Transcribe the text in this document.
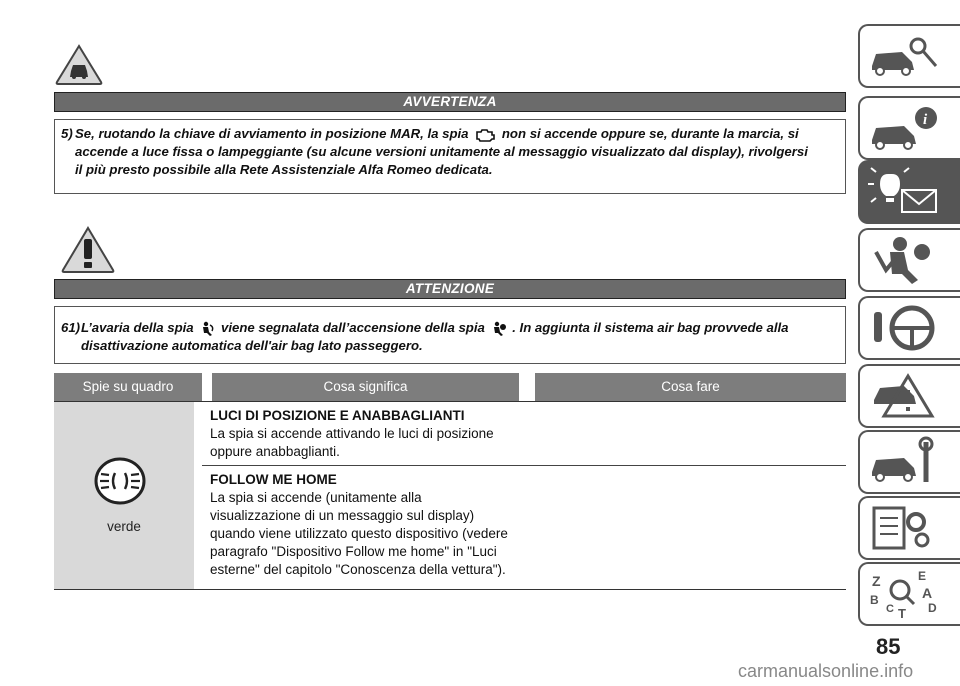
AVVERTENZA
5) Se, ruotando la chiave di avviamento in posizione MAR, la spia	non si accende oppure se, durante la marcia, si
accende a luce fissa o lampeggiante (su alcune versioni unitamente al messaggio visualizzato dal display), rivolgersi
il più presto possibile alla Rete Assistenziale Alfa Romeo dedicata.
ATTENZIONE
61) L’avaria della spia viene segnalata dall’accensione della spia . In aggiunta il sistema air bag provvede alla
disattivazione automatica dell'air bag lato passeggero.
Spie su quadro	Cosa significa	Cosa fare
verde
LUCI DI POSIZIONE E ANABBAGLIANTI
La spia si accende attivando le luci di posizione
oppure anabbaglianti.
FOLLOW ME HOME
La spia si accende (unitamente alla
visualizzazione di un messaggio sul display)
quando viene utilizzato questo dispositivo (vedere
paragrafo "Dispositivo Follow me home" in "Luci
esterne" del capitolo "Conoscenza della vettura").
i
Z	E
A
B
C T D
85
carmanualsonline.info
